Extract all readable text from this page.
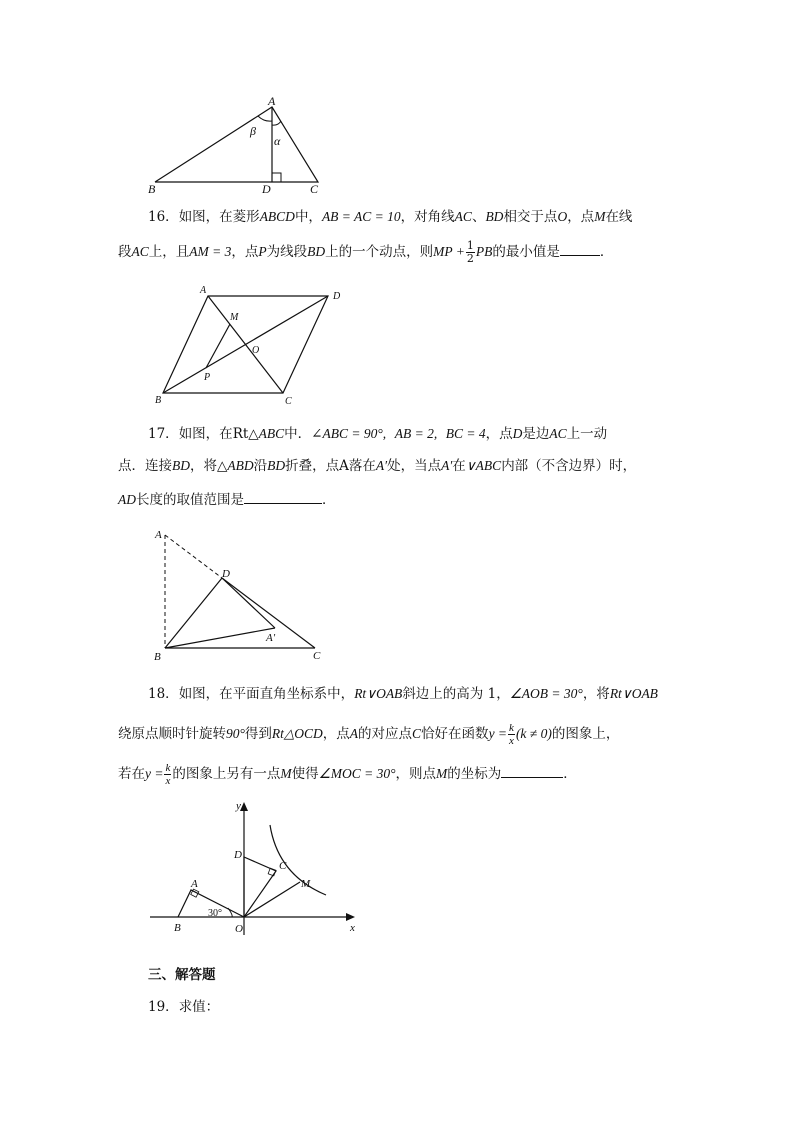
A
B	D	C
β
α
16．如图，在菱形ABCD中，AB = AC = 10，对角线AC、BD相交于点O，点M在线
段AC上，且AM = 3，点P为线段BD上的一个动点，则MP + $\frac{1}{2}$ PB的最小值是	．
A
D
M
O
P
B	C
17．如图，在Rt△ABC中．∠ABC = 90°, AB = 2, BC = 4，点D是边AC上一动
点．连接BD，将△ABD沿BD折叠，点A落在A′处，当点A′在∨ABC内部（不含边界）时，
AD长度的取值范围是	．
A
D
A′
B	C
18．如图，在平面直角坐标系中，Rt∨OAB斜边上的高为 1，∠AOB = 30°，将Rt∨OAB
绕原点顺时针旋转90°得到Rt△OCD，点A的对应点C恰好在函数$y = \frac{k}{x} (k \ne 0)$的图象上，
若在$y = \frac{k}{x}$ 的图象上另有一点M使得∠MOC = 30°，则点M的坐标为	．
y
D
C
M
A
30°
B	O	x
三、解答题
19．求值：
